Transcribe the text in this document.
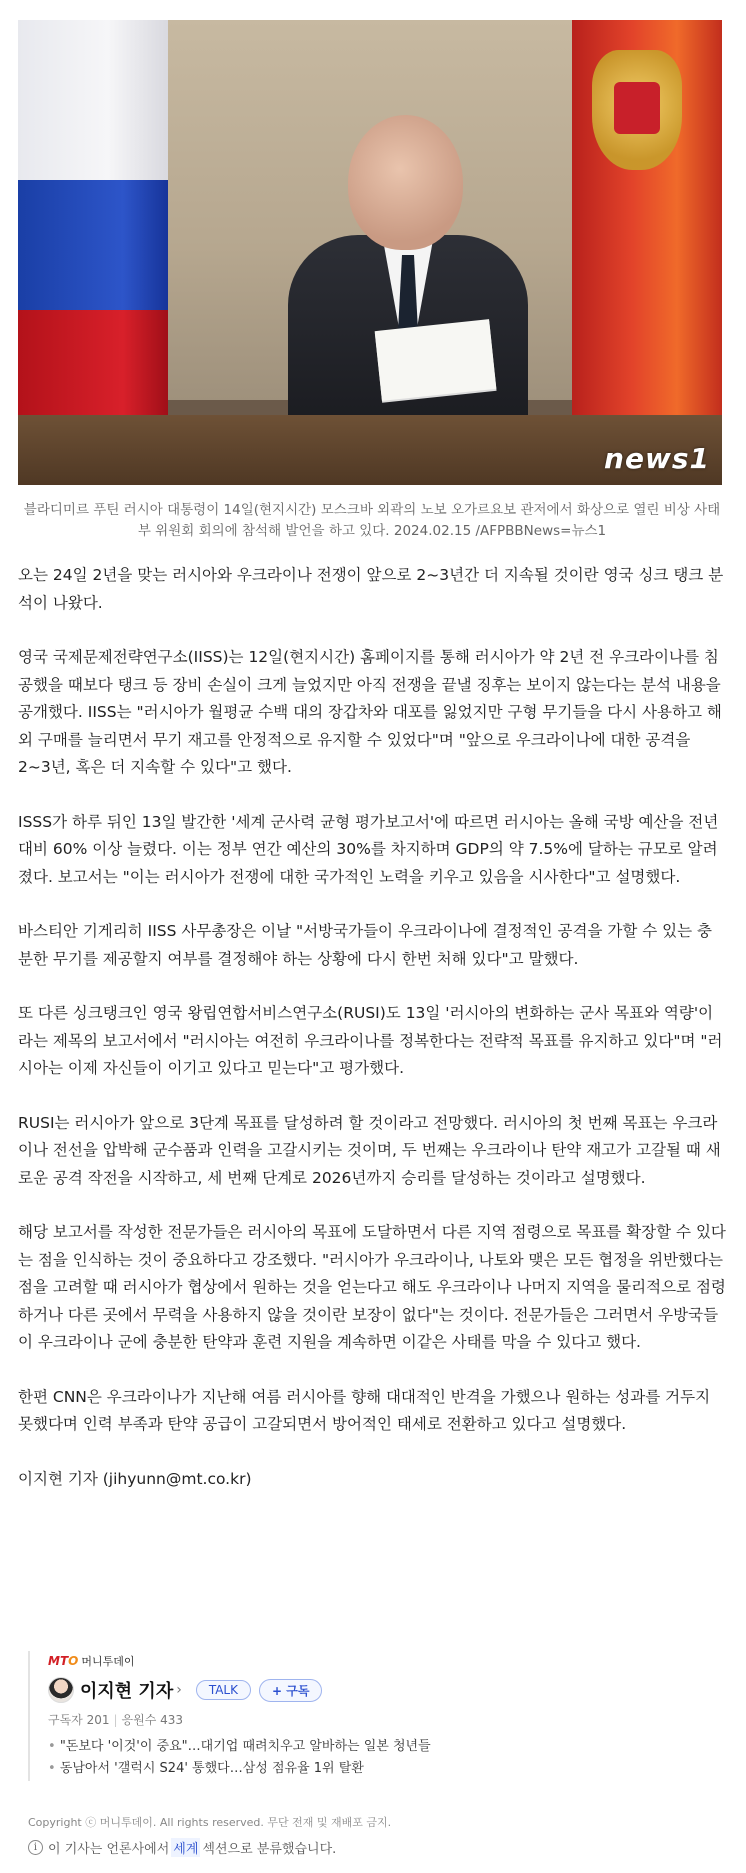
news1
블라디미르 푸틴 러시아 대통령이 14일(현지시간) 모스크바 외곽의 노보 오가르요보 관저에서 화상으로 열린 비상 사태부 위원회 회의에 참석해 발언을 하고 있다. 2024.02.15 /AFPBBNews=뉴스1

오는 24일 2년을 맞는 러시아와 우크라이나 전쟁이 앞으로 2~3년간 더 지속될 것이란 영국 싱크 탱크 분석이 나왔다.

영국 국제문제전략연구소(IISS)는 12일(현지시간) 홈페이지를 통해 러시아가 약 2년 전 우크라이나를 침공했을 때보다 탱크 등 장비 손실이 크게 늘었지만 아직 전쟁을 끝낼 징후는 보이지 않는다는 분석 내용을 공개했다. IISS는 "러시아가 월평균 수백 대의 장갑차와 대포를 잃었지만 구형 무기들을 다시 사용하고 해외 구매를 늘리면서 무기 재고를 안정적으로 유지할 수 있었다"며 "앞으로 우크라이나에 대한 공격을 2~3년, 혹은 더 지속할 수 있다"고 했다.

ISSS가 하루 뒤인 13일 발간한 '세계 군사력 균형 평가보고서'에 따르면 러시아는 올해 국방 예산을 전년 대비 60% 이상 늘렸다. 이는 정부 연간 예산의 30%를 차지하며 GDP의 약 7.5%에 달하는 규모로 알려졌다. 보고서는 "이는 러시아가 전쟁에 대한 국가적인 노력을 키우고 있음을 시사한다"고 설명했다.

바스티안 기게리히 IISS 사무총장은 이날 "서방국가들이 우크라이나에 결정적인 공격을 가할 수 있는 충분한 무기를 제공할지 여부를 결정해야 하는 상황에 다시 한번 처해 있다"고 말했다.

또 다른 싱크탱크인 영국 왕립연합서비스연구소(RUSI)도 13일 '러시아의 변화하는 군사 목표와 역량'이라는 제목의 보고서에서 "러시아는 여전히 우크라이나를 정복한다는 전략적 목표를 유지하고 있다"며 "러시아는 이제 자신들이 이기고 있다고 믿는다"고 평가했다.

RUSI는 러시아가 앞으로 3단계 목표를 달성하려 할 것이라고 전망했다. 러시아의 첫 번째 목표는 우크라이나 전선을 압박해 군수품과 인력을 고갈시키는 것이며, 두 번째는 우크라이나 탄약 재고가 고갈될 때 새로운 공격 작전을 시작하고, 세 번째 단계로 2026년까지 승리를 달성하는 것이라고 설명했다.

해당 보고서를 작성한 전문가들은 러시아의 목표에 도달하면서 다른 지역 점령으로 목표를 확장할 수 있다는 점을 인식하는 것이 중요하다고 강조했다. "러시아가 우크라이나, 나토와 맺은 모든 협정을 위반했다는 점을 고려할 때 러시아가 협상에서 원하는 것을 얻는다고 해도 우크라이나 나머지 지역을 물리적으로 점령하거나 다른 곳에서 무력을 사용하지 않을 것이란 보장이 없다"는 것이다. 전문가들은 그러면서 우방국들이 우크라이나 군에 충분한 탄약과 훈련 지원을 계속하면 이같은 사태를 막을 수 있다고 했다.

한편 CNN은 우크라이나가 지난해 여름 러시아를 향해 대대적인 반격을 가했으나 원하는 성과를 거두지 못했다며 인력 부족과 탄약 공급이 고갈되면서 방어적인 태세로 전환하고 있다고 설명했다.

이지현 기자 (jihyunn@mt.co.kr)

MTO 머니투데이
이지현 기자 ›	TALK	+ 구독
구독자 201 | 응원수 433
• "돈보다 '이것'이 중요"…대기업 때려치우고 알바하는 일본 청년들
• 동남아서 '갤럭시 S24' 통했다…삼성 점유율 1위 탈환
Copyright ⓒ 머니투데이. All rights reserved. 무단 전재 및 재배포 금지.
i 이 기사는 언론사에서 세계 섹션으로 분류했습니다.
